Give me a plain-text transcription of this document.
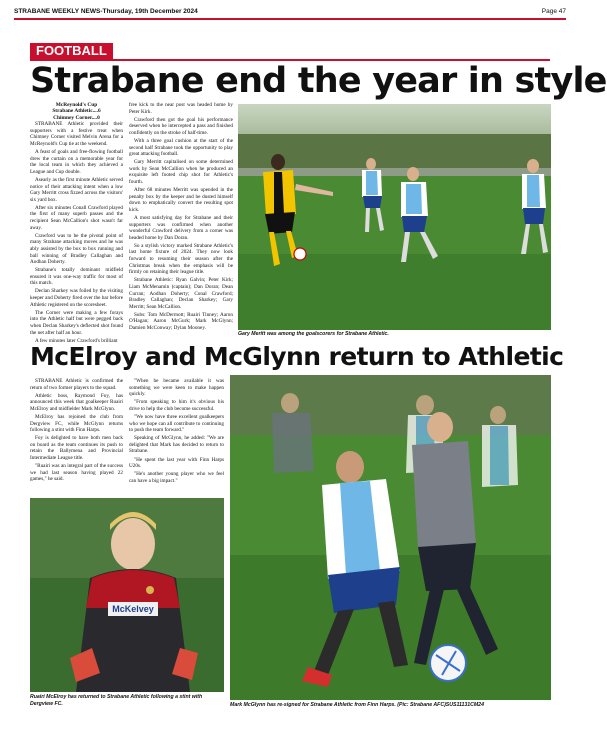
STRABANE WEEKLY NEWS-Thursday, 19th December 2024	Page 47
FOOTBALL
Strabane end the year in style
McReynold's Cup
Strabane Athletic....6
Chimney Corner....0

STRABANE Athletic provided their supporters with a festive treat when Chimney Corner visited Melvin Arena for a McReynold's Cup tie at the weekend.

A feast of goals and free-flowing football drew the curtain on a memorable year for the local team in which they achieved a League and Cup double.

Asearly as the first minute Athletic served notice of their attacking intent when a low Gary Merritt cross fizzed across the visitors' six yard box.

After six minutes Conall Crawford played the first of many superb passes and the recipient Sean McCallion's shot wasn't far away.

Crawford was to be the pivotal point of many Strabane attacking moves and he was ably assisted by the box to box running and ball winning of Bradley Callaghan and Aodhan Doherty.

Strabane's totally dominant midfield ensured it was one-way traffic for most of this match.

Declan Sharkey was foiled by the visiting keeper and Doherty fired over the bar before Athletic registered on the scoresheet.

The Corner were making a few forays into the Athletic half but were pegged back when Declan Sharkey's deflected shot found the net after half an hour.

A few minutes later Crawford's brilliant

free kick to the near post was headed home by Peter Kirk.

Crawford then got the goal his performance deserved when he intercepted a pass and finished confidently on the stroke of half-time.

With a three goal cushion at the start of the second half Strabane took the opportunity to play great attacking football.

Gary Merritt capitalised on some determined work by Sean McCallion when he produced an exquisite left footed chip shot for Athletic's fourth.

After 68 minutes Merritt was upended in the penalty box by the keeper and he dusted himself down to emphatically convert the resulting spot kick.

A most satisfying day for Strabane and their supporters was confirmed when another wonderful Crawford delivery from a corner was headed home by Dan Doran.

So a stylish victory marked Strabane Athletic's last home fixture of 2024. They now look forward to resuming their season after the Christmas break when the emphasis will be firmly on retaining their league title.

Strabane Athletic: Ryan Galvin; Peter Kirk; Liam McMenamin (captain); Dan Doran; Dean Curran; Aodhan Doherty; Conal Crawford; Bradley Callaghan; Declan Sharkey; Gary Merritt; Sean McCallion.

Subs: Tom McDermott; Ruairi Tinney; Aaron O'Hagan; Aaron McGurk; Mark McGlynn; Damien McConway; Dylan Mooney.

Gary Meritt was among the goalscorers for Strabane Athletic.
McElroy and McGlynn return to Athletic

STRABANE Athletic is confirmed the return of two former players to the squad.

Athletic boss, Raymond Foy, has announced this week that goalkeeper Ruairi McElroy and midfielder Mark McGlynn.

McElroy has rejoined the club from Dergview FC, while McGlynn returns following a stint with Finn Harps.

Foy is delighted to have both men back on board as the team continues its push to retain the Ballymena and Provincial Intermediate League title.

"Ruairi was an integral part of the success we had last season having played 22 games," he said.

"When he became available it was something we were keen to make happen quickly.

"From speaking to him it's obvious his drive to help the club become successful.

"We now have three excellent goalkeepers who we hope can all contribute to continuing to push the team forward."

Speaking of McGlynn, he added: "We are delighted that Mark has decided to return to Strabane.

"He spent the last year with Finn Harps U20s.

"He's another young player who we feel can have a big impact."

McKelvey
Ruairi McElroy has returned to Strabane Athletic following a stint with Dergview FC.	Mark McGlynn has re-signed for Strabane Athletic from Finn Harps. (Pic: Strabane AFC)SUS11131CM24
